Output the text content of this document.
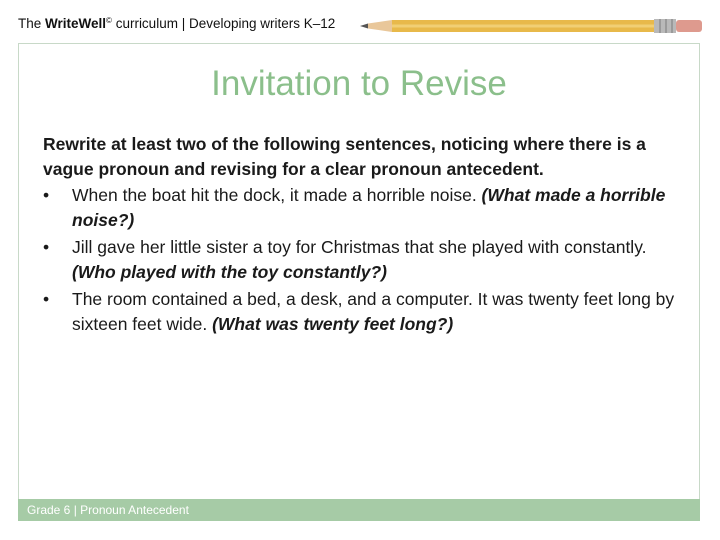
The WriteWell© curriculum | Developing writers K–12
Invitation to Revise
Rewrite at least two of the following sentences, noticing where there is a vague pronoun and revising for a clear pronoun antecedent.
• When the boat hit the dock, it made a horrible noise. (What made a horrible noise?)
• Jill gave her little sister a toy for Christmas that she played with constantly. (Who played with the toy constantly?)
• The room contained a bed, a desk, and a computer. It was twenty feet long by sixteen feet wide. (What was twenty feet long?)
Grade 6 | Pronoun Antecedent
